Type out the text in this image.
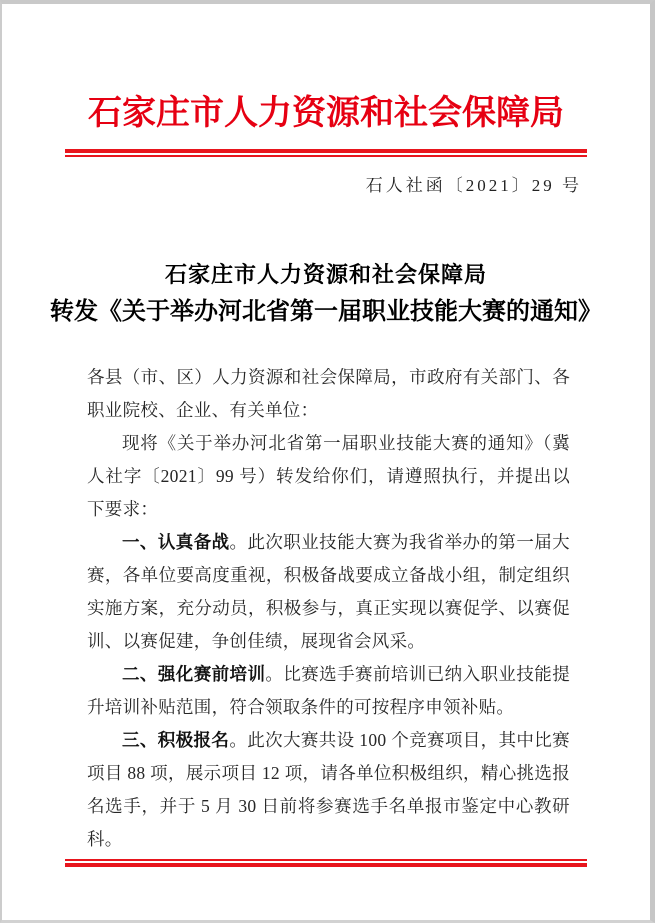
石家庄市人力资源和社会保障局
石人社函〔2021〕29 号
石家庄市人力资源和社会保障局
转发《关于举办河北省第一届职业技能大赛的通知》

各县（市、区）人力资源和社会保障局，市政府有关部门、各职业院校、企业、有关单位：

现将《关于举办河北省第一届职业技能大赛的通知》（冀人社字〔2021〕99 号）转发给你们，请遵照执行，并提出以下要求：

一、认真备战。此次职业技能大赛为我省举办的第一届大赛，各单位要高度重视，积极备战要成立备战小组，制定组织实施方案，充分动员，积极参与，真正实现以赛促学、以赛促训、以赛促建，争创佳绩，展现省会风采。

二、强化赛前培训。比赛选手赛前培训已纳入职业技能提升培训补贴范围，符合领取条件的可按程序申领补贴。

三、积极报名。此次大赛共设 100 个竞赛项目，其中比赛项目 88 项，展示项目 12 项，请各单位积极组织，精心挑选报名选手，并于 5 月 30 日前将参赛选手名单报市鉴定中心教研科。
